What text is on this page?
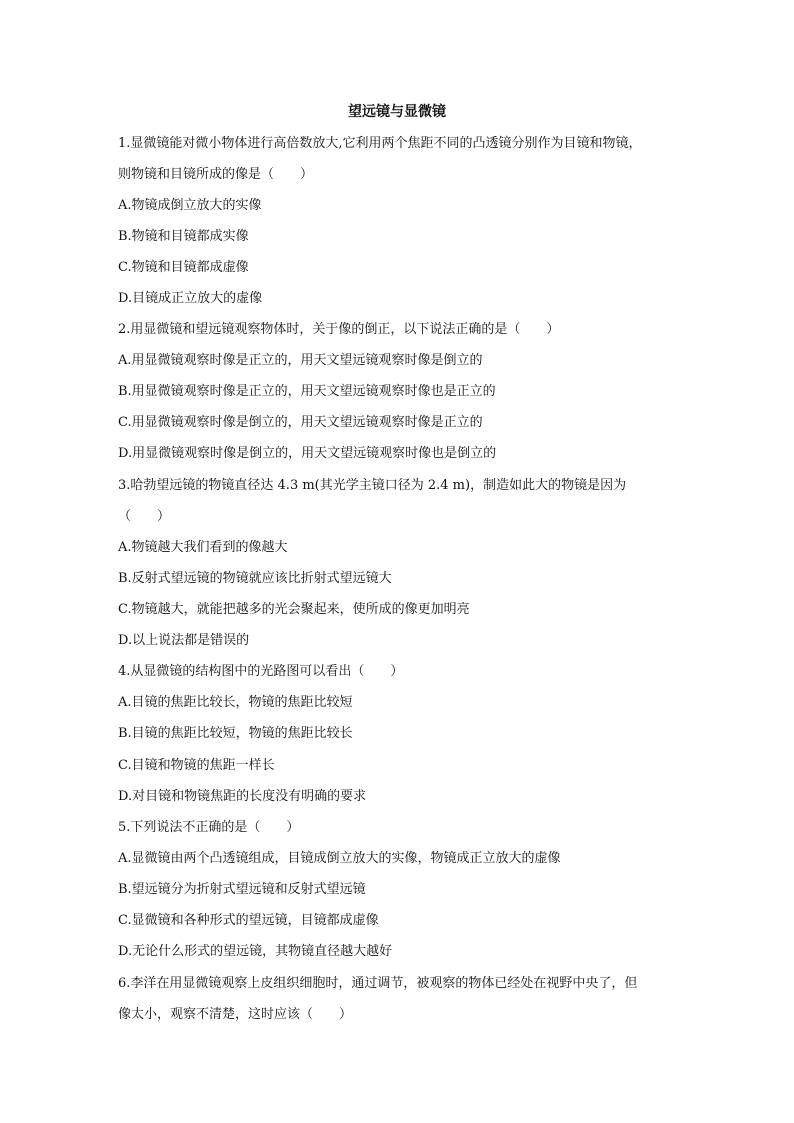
望远镜与显微镜
1.显微镜能对微小物体进行高倍数放大,它利用两个焦距不同的凸透镜分别作为目镜和物镜，
则物镜和目镜所成的像是（　　）
A.物镜成倒立放大的实像
B.物镜和目镜都成实像
C.物镜和目镜都成虚像
D.目镜成正立放大的虚像
2.用显微镜和望远镜观察物体时，关于像的倒正，以下说法正确的是（　　）
A.用显微镜观察时像是正立的，用天文望远镜观察时像是倒立的
B.用显微镜观察时像是正立的，用天文望远镜观察时像也是正立的
C.用显微镜观察时像是倒立的，用天文望远镜观察时像是正立的
D.用显微镜观察时像是倒立的，用天文望远镜观察时像也是倒立的
3.哈勃望远镜的物镜直径达 4.3 m(其光学主镜口径为 2.4 m)，制造如此大的物镜是因为
（　　）
A.物镜越大我们看到的像越大
B.反射式望远镜的物镜就应该比折射式望远镜大
C.物镜越大，就能把越多的光会聚起来，使所成的像更加明亮
D.以上说法都是错误的
4.从显微镜的结构图中的光路图可以看出（　　）
A.目镜的焦距比较长，物镜的焦距比较短
B.目镜的焦距比较短，物镜的焦距比较长
C.目镜和物镜的焦距一样长
D.对目镜和物镜焦距的长度没有明确的要求
5.下列说法不正确的是（　　）
A.显微镜由两个凸透镜组成，目镜成倒立放大的实像，物镜成正立放大的虚像
B.望远镜分为折射式望远镜和反射式望远镜
C.显微镜和各种形式的望远镜，目镜都成虚像
D.无论什么形式的望远镜，其物镜直径越大越好
6.李洋在用显微镜观察上皮组织细胞时，通过调节，被观察的物体已经处在视野中央了，但
像太小，观察不清楚，这时应该（　　）
